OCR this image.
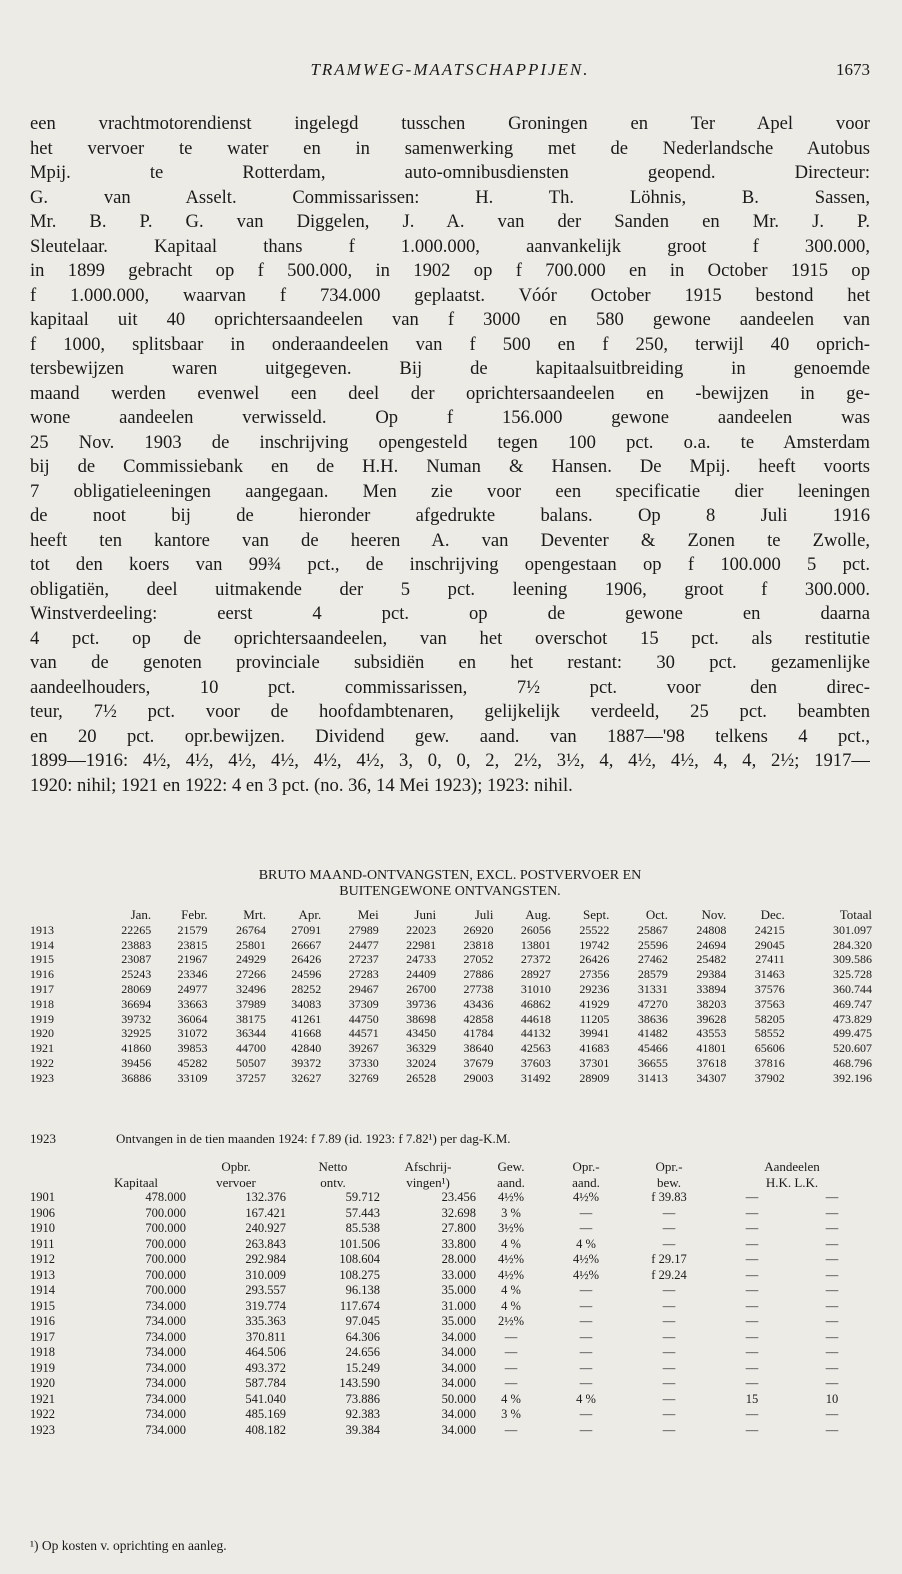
TRAMWEG-MAATSCHAPPIJEN.	1673
een vrachtmotorendienst ingelegd tusschen Groningen en Ter Apel voor
het vervoer te water en in samenwerking met de Nederlandsche Autobus
Mpij. te Rotterdam, auto-omnibusdiensten geopend. Directeur:
G. van Asselt. Commissarissen: H. Th. Löhnis, B. Sassen,
Mr. B. P. G. van Diggelen, J. A. van der Sanden en Mr. J. P.
Sleutelaar. Kapitaal thans f 1.000.000, aanvankelijk groot f 300.000,
in 1899 gebracht op f 500.000, in 1902 op f 700.000 en in October 1915 op
f 1.000.000, waarvan f 734.000 geplaatst. Vóór October 1915 bestond het
kapitaal uit 40 oprichtersaandeelen van f 3000 en 580 gewone aandeelen van
f 1000, splitsbaar in onderaandeelen van f 500 en f 250, terwijl 40 oprich-
tersbewijzen waren uitgegeven. Bij de kapitaalsuitbreiding in genoemde
maand werden evenwel een deel der oprichtersaandeelen en -bewijzen in ge-
wone aandeelen verwisseld. Op f 156.000 gewone aandeelen was
25 Nov. 1903 de inschrijving opengesteld tegen 100 pct. o.a. te Amsterdam
bij de Commissiebank en de H.H. Numan & Hansen. De Mpij. heeft voorts
7 obligatieleeningen aangegaan. Men zie voor een specificatie dier leeningen
de noot bij de hieronder afgedrukte balans. Op 8 Juli 1916
heeft ten kantore van de heeren A. van Deventer & Zonen te Zwolle,
tot den koers van 99¾ pct., de inschrijving opengestaan op f 100.000 5 pct.
obligatiën, deel uitmakende der 5 pct. leening 1906, groot f 300.000.
Winstverdeeling: eerst 4 pct. op de gewone en daarna
4 pct. op de oprichtersaandeelen, van het overschot 15 pct. als restitutie
van de genoten provinciale subsidiën en het restant: 30 pct. gezamenlijke
aandeelhouders, 10 pct. commissarissen, 7½ pct. voor den direc-
teur, 7½ pct. voor de hoofdambtenaren, gelijkelijk verdeeld, 25 pct. beambten
en 20 pct. opr.bewijzen. Dividend gew. aand. van 1887—'98 telkens 4 pct.,
1899—1916: 4½, 4½, 4½, 4½, 4½, 4½, 3, 0, 0, 2, 2½, 3½, 4, 4½, 4½, 4, 4, 2½; 1917—
1920: nihil; 1921 en 1922: 4 en 3 pct. (no. 36, 14 Mei 1923); 1923: nihil.
BRUTO MAAND-ONTVANGSTEN, EXCL. POSTVERVOER EN
BUITENGEWONE ONTVANGSTEN.
	Jan.	Febr.	Mrt.	Apr.	Mei	Juni	Juli	Aug.	Sept.	Oct.	Nov.	Dec.	Totaal
1913	22265	21579	26764	27091	27989	22023	26920	26056	25522	25867	24808	24215	301.097
1914	23883	23815	25801	26667	24477	22981	23818	13801	19742	25596	24694	29045	284.320
1915	23087	21967	24929	26426	27237	24733	27052	27372	26426	27462	25482	27411	309.586
1916	25243	23346	27266	24596	27283	24409	27886	28927	27356	28579	29384	31463	325.728
1917	28069	24977	32496	28252	29467	26700	27738	31010	29236	31331	33894	37576	360.744
1918	36694	33663	37989	34083	37309	39736	43436	46862	41929	47270	38203	37563	469.747
1919	39732	36064	38175	41261	44750	38698	42858	44618	11205	38636	39628	58205	473.829
1920	32925	31072	36344	41668	44571	43450	41784	44132	39941	41482	43553	58552	499.475
1921	41860	39853	44700	42840	39267	36329	38640	42563	41683	45466	41801	65606	520.607
1922	39456	45282	50507	39372	37330	32024	37679	37603	37301	36655	37618	37816	468.796
1923	36886	33109	37257	32627	32769	26528	29003	31492	28909	31413	34307	37902	392.196
1923	Ontvangen in de tien maanden 1924: f 7.89 (id. 1923: f 7.82¹) per dag-K.M.
		Opbr.	Netto	Afschrij-	Gew.	Opr.-	Opr.-	Aandeelen	
	Kapitaal	vervoer	ontv.	vingen¹)	aand.	aand.	bew.	H.K. L.K.	
1901	478.000	132.376	59.712	23.456	4½%	4½%	f 39.83	—	—
1906	700.000	167.421	57.443	32.698	3 %	—	—	—	—
1910	700.000	240.927	85.538	27.800	3½%	—	—	—	—
1911	700.000	263.843	101.506	33.800	4 %	4 %	—	—	—
1912	700.000	292.984	108.604	28.000	4½%	4½%	f 29.17	—	—
1913	700.000	310.009	108.275	33.000	4½%	4½%	f 29.24	—	—
1914	700.000	293.557	96.138	35.000	4 %	—	—	—	—
1915	734.000	319.774	117.674	31.000	4 %	—	—	—	—
1916	734.000	335.363	97.045	35.000	2½%	—	—	—	—
1917	734.000	370.811	64.306	34.000	—	—	—	—	—
1918	734.000	464.506	24.656	34.000	—	—	—	—	—
1919	734.000	493.372	15.249	34.000	—	—	—	—	—
1920	734.000	587.784	143.590	34.000	—	—	—	—	—
1921	734.000	541.040	73.886	50.000	4 %	4 %	—	15	10
1922	734.000	485.169	92.383	34.000	3 %	—	—	—	—
1923	734.000	408.182	39.384	34.000	—	—	—	—	—
¹) Op kosten v. oprichting en aanleg.
